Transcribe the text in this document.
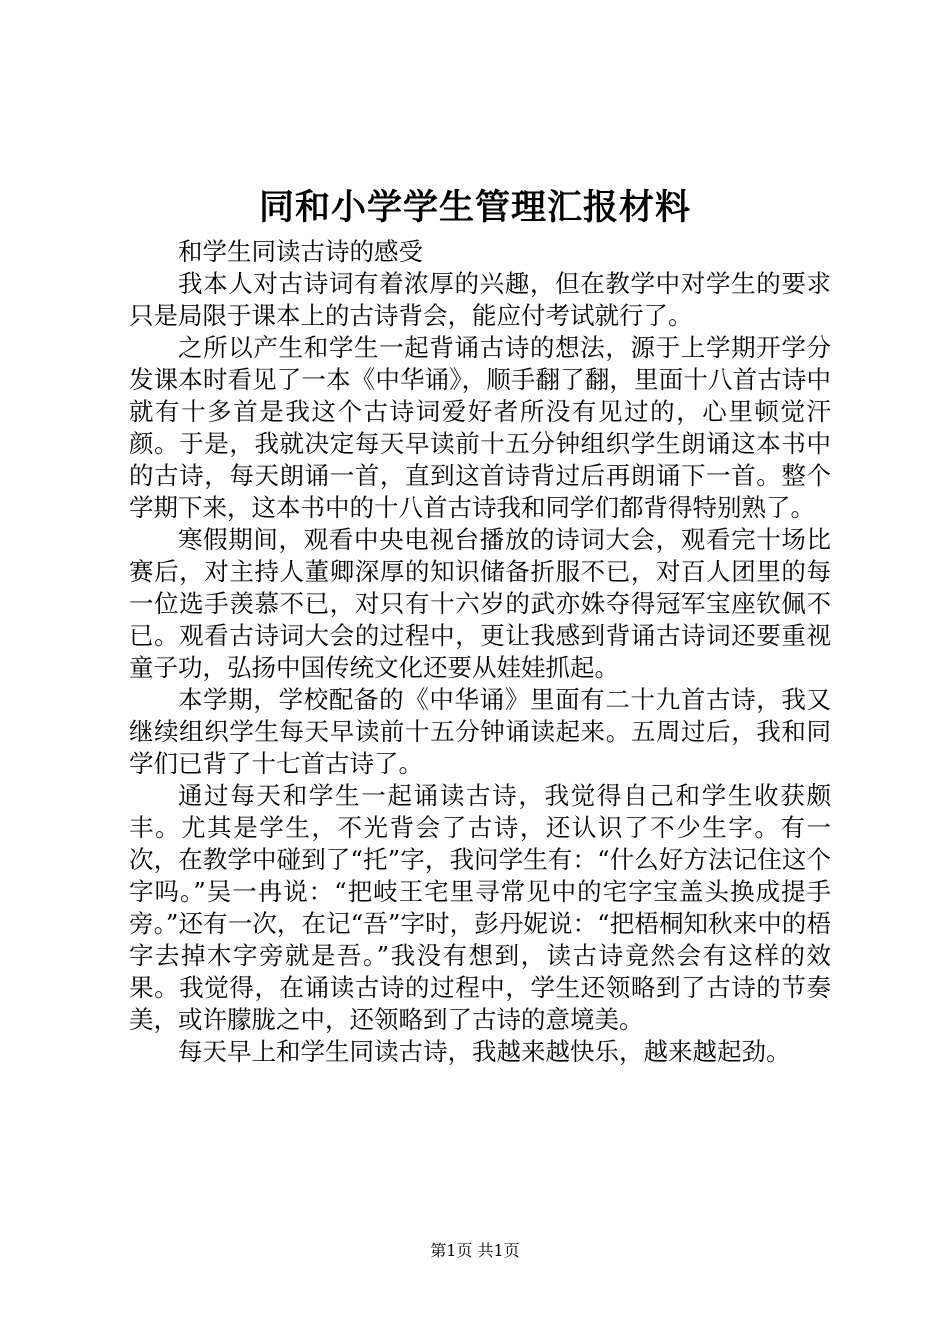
同和小学学生管理汇报材料

和学生同读古诗的感受

我本人对古诗词有着浓厚的兴趣，但在教学中对学生的要求只是局限于课本上的古诗背会，能应付考试就行了。

之所以产生和学生一起背诵古诗的想法，源于上学期开学分发课本时看见了一本《中华诵》，顺手翻了翻，里面十八首古诗中就有十多首是我这个古诗词爱好者所没有见过的，心里顿觉汗颜。于是，我就决定每天早读前十五分钟组织学生朗诵这本书中的古诗，每天朗诵一首，直到这首诗背过后再朗诵下一首。整个学期下来，这本书中的十八首古诗我和同学们都背得特别熟了。

寒假期间，观看中央电视台播放的诗词大会，观看完十场比赛后，对主持人董卿深厚的知识储备折服不已，对百人团里的每一位选手羡慕不已，对只有十六岁的武亦姝夺得冠军宝座钦佩不已。观看古诗词大会的过程中，更让我感到背诵古诗词还要重视童子功，弘扬中国传统文化还要从娃娃抓起。

本学期，学校配备的《中华诵》里面有二十九首古诗，我又继续组织学生每天早读前十五分钟诵读起来。五周过后，我和同学们已背了十七首古诗了。

通过每天和学生一起诵读古诗，我觉得自己和学生收获颇丰。尤其是学生，不光背会了古诗，还认识了不少生字。有一次，在教学中碰到了“托”字，我问学生有：“什么好方法记住这个字吗。”吴一冉说：“把岐王宅里寻常见中的宅字宝盖头换成提手旁。”还有一次，在记“吾”字时，彭丹妮说：“把梧桐知秋来中的梧字去掉木字旁就是吾。”我没有想到，读古诗竟然会有这样的效果。我觉得，在诵读古诗的过程中，学生还领略到了古诗的节奏美，或许朦胧之中，还领略到了古诗的意境美。

每天早上和学生同读古诗，我越来越快乐，越来越起劲。

第1页 共1页
